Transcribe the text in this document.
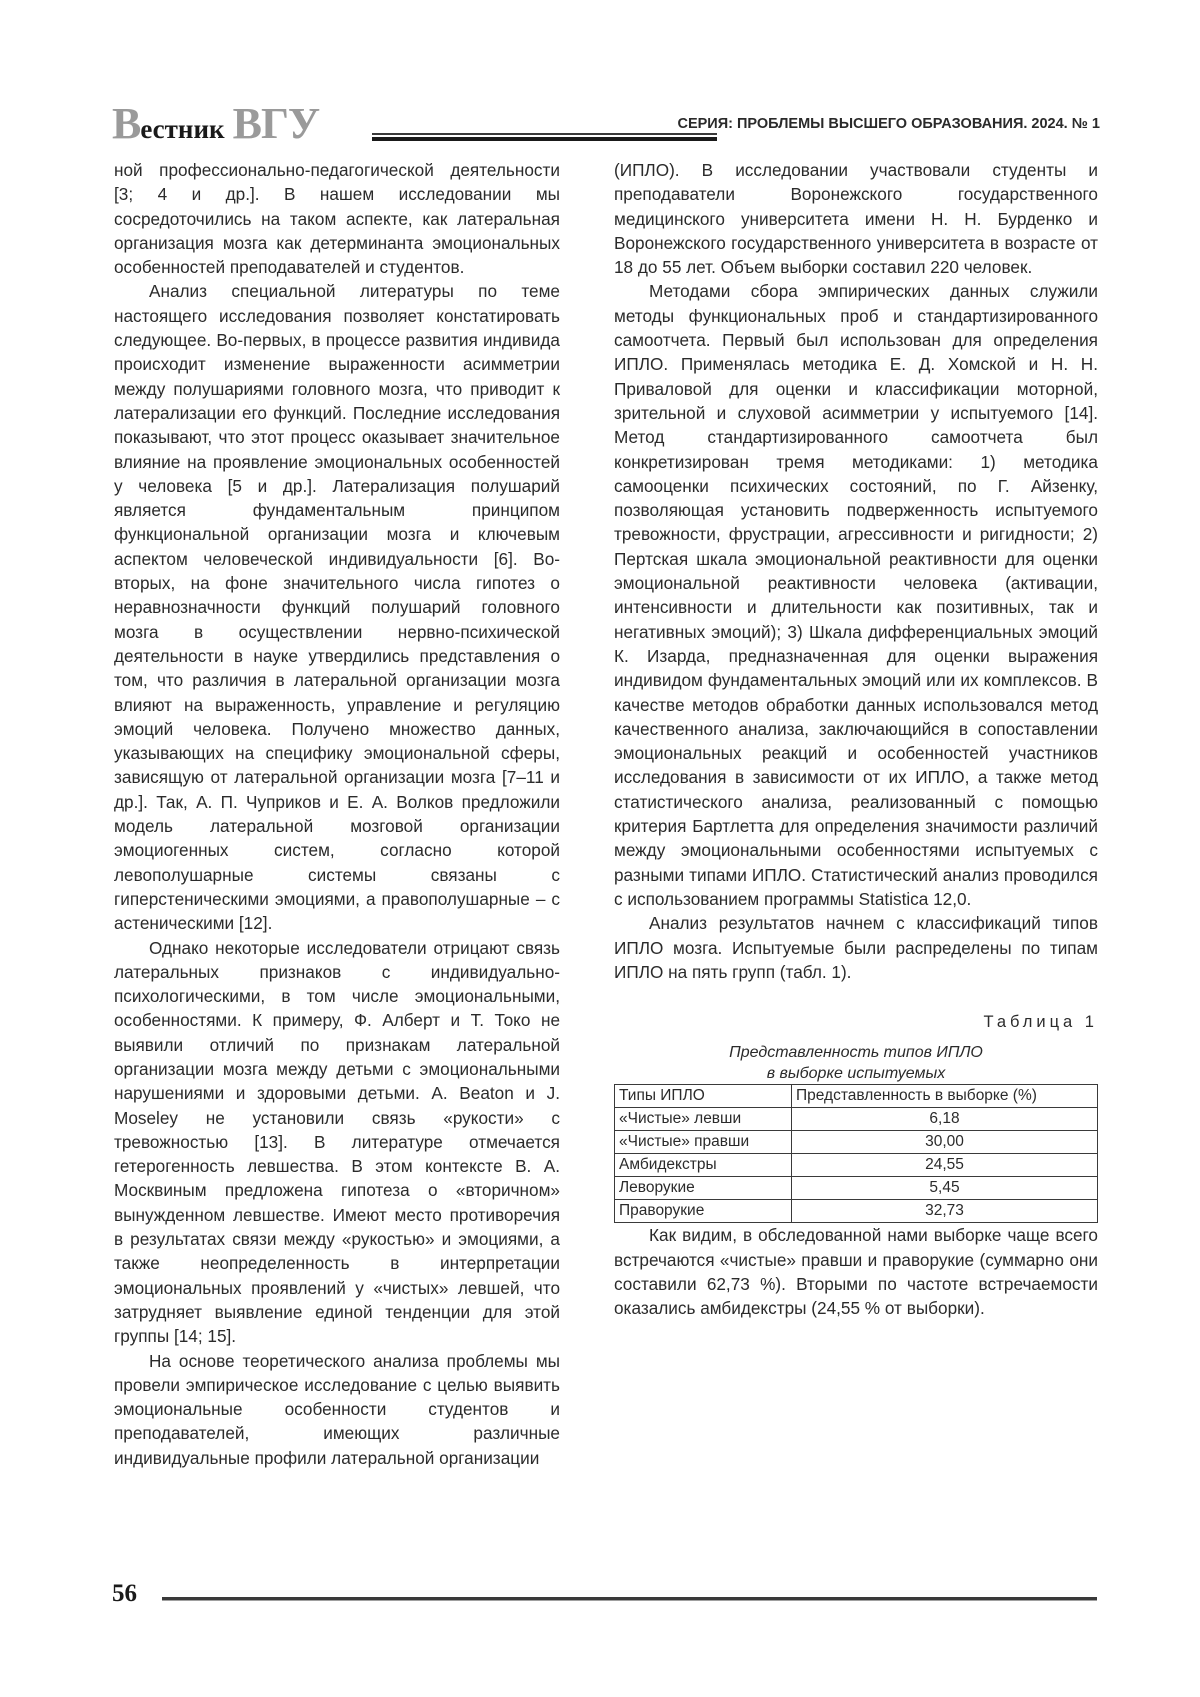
Вестник ВГУ	СЕРИЯ: ПРОБЛЕМЫ ВЫСШЕГО ОБРАЗОВАНИЯ. 2024. № 1

ной профессионально-педагогической деятельности [3; 4 и др.]. В нашем исследовании мы сосредоточились на таком аспекте, как латеральная организация мозга как детерминанта эмоциональных особенностей преподавателей и студентов.

Анализ специальной литературы по теме настоящего исследования позволяет констатировать следующее. Во-первых, в процессе развития индивида происходит изменение выраженности асимметрии между полушариями головного мозга, что приводит к латерализации его функций. Последние исследования показывают, что этот процесс оказывает значительное влияние на проявление эмоциональных особенностей у человека [5 и др.]. Латерализация полушарий является фундаментальным принципом функциональной организации мозга и ключевым аспектом человеческой индивидуальности [6]. Во-вторых, на фоне значительного числа гипотез о неравнозначности функций полушарий головного мозга в осуществлении нервно-психической деятельности в науке утвердились представления о том, что различия в латеральной организации мозга влияют на выраженность, управление и регуляцию эмоций человека. Получено множество данных, указывающих на специфику эмоциональной сферы, зависящую от латеральной организации мозга [7–11 и др.]. Так, А. П. Чуприков и Е. А. Волков предложили модель латеральной мозговой организации эмоциогенных систем, согласно которой левополушарные системы связаны с гиперстеническими эмоциями, а правополушарные – с астеническими [12].

Однако некоторые исследователи отрицают связь латеральных признаков с индивидуально-психологическими, в том числе эмоциональными, особенностями. К примеру, Ф. Алберт и Т. Токо не выявили отличий по признакам латеральной организации мозга между детьми с эмоциональными нарушениями и здоровыми детьми. A. Beaton и J. Moseley не установили связь «рукости» с тревожностью [13]. В литературе отмечается гетерогенность левшества. В этом контексте В. А. Москвиным предложена гипотеза о «вторичном» вынужденном левшестве. Имеют место противоречия в результатах связи между «рукостью» и эмоциями, а также неопределенность в интерпретации эмоциональных проявлений у «чистых» левшей, что затрудняет выявление единой тенденции для этой группы [14; 15].

На основе теоретического анализа проблемы мы провели эмпирическое исследование с целью выявить эмоциональные особенности студентов и преподавателей, имеющих различные индивидуальные профили латеральной организации

(ИПЛО). В исследовании участвовали студенты и преподаватели Воронежского государственного медицинского университета имени Н. Н. Бурденко и Воронежского государственного университета в возрасте от 18 до 55 лет. Объем выборки составил 220 человек.

Методами сбора эмпирических данных служили методы функциональных проб и стандартизированного самоотчета. Первый был использован для определения ИПЛО. Применялась методика Е. Д. Хомской и Н. Н. Приваловой для оценки и классификации моторной, зрительной и слуховой асимметрии у испытуемого [14]. Метод стандартизированного самоотчета был конкретизирован тремя методиками: 1) методика самооценки психических состояний, по Г. Айзенку, позволяющая установить подверженность испытуемого тревожности, фрустрации, агрессивности и ригидности; 2) Пертская шкала эмоциональной реактивности для оценки эмоциональной реактивности человека (активации, интенсивности и длительности как позитивных, так и негативных эмоций); 3) Шкала дифференциальных эмоций К. Изарда, предназначенная для оценки выражения индивидом фундаментальных эмоций или их комплексов. В качестве методов обработки данных использовался метод качественного анализа, заключающийся в сопоставлении эмоциональных реакций и особенностей участников исследования в зависимости от их ИПЛО, а также метод статистического анализа, реализованный с помощью критерия Бартлетта для определения значимости различий между эмоциональными особенностями испытуемых с разными типами ИПЛО. Статистический анализ проводился с использованием программы Statistica 12,0.

Анализ результатов начнем с классификаций типов ИПЛО мозга. Испытуемые были распределены по типам ИПЛО на пять групп (табл. 1).

Таблица 1
Представленность типов ИПЛО
в выборке испытуемых
Типы ИПЛО	Представленность в выборке (%)
«Чистые» левши	6,18
«Чистые» правши	30,00
Амбидекстры	24,55
Леворукие	5,45
Праворукие	32,73

Как видим, в обследованной нами выборке чаще всего встречаются «чистые» правши и праворукие (суммарно они составили 62,73 %). Вторыми по частоте встречаемости оказались амбидекстры (24,55 % от выборки).

56
